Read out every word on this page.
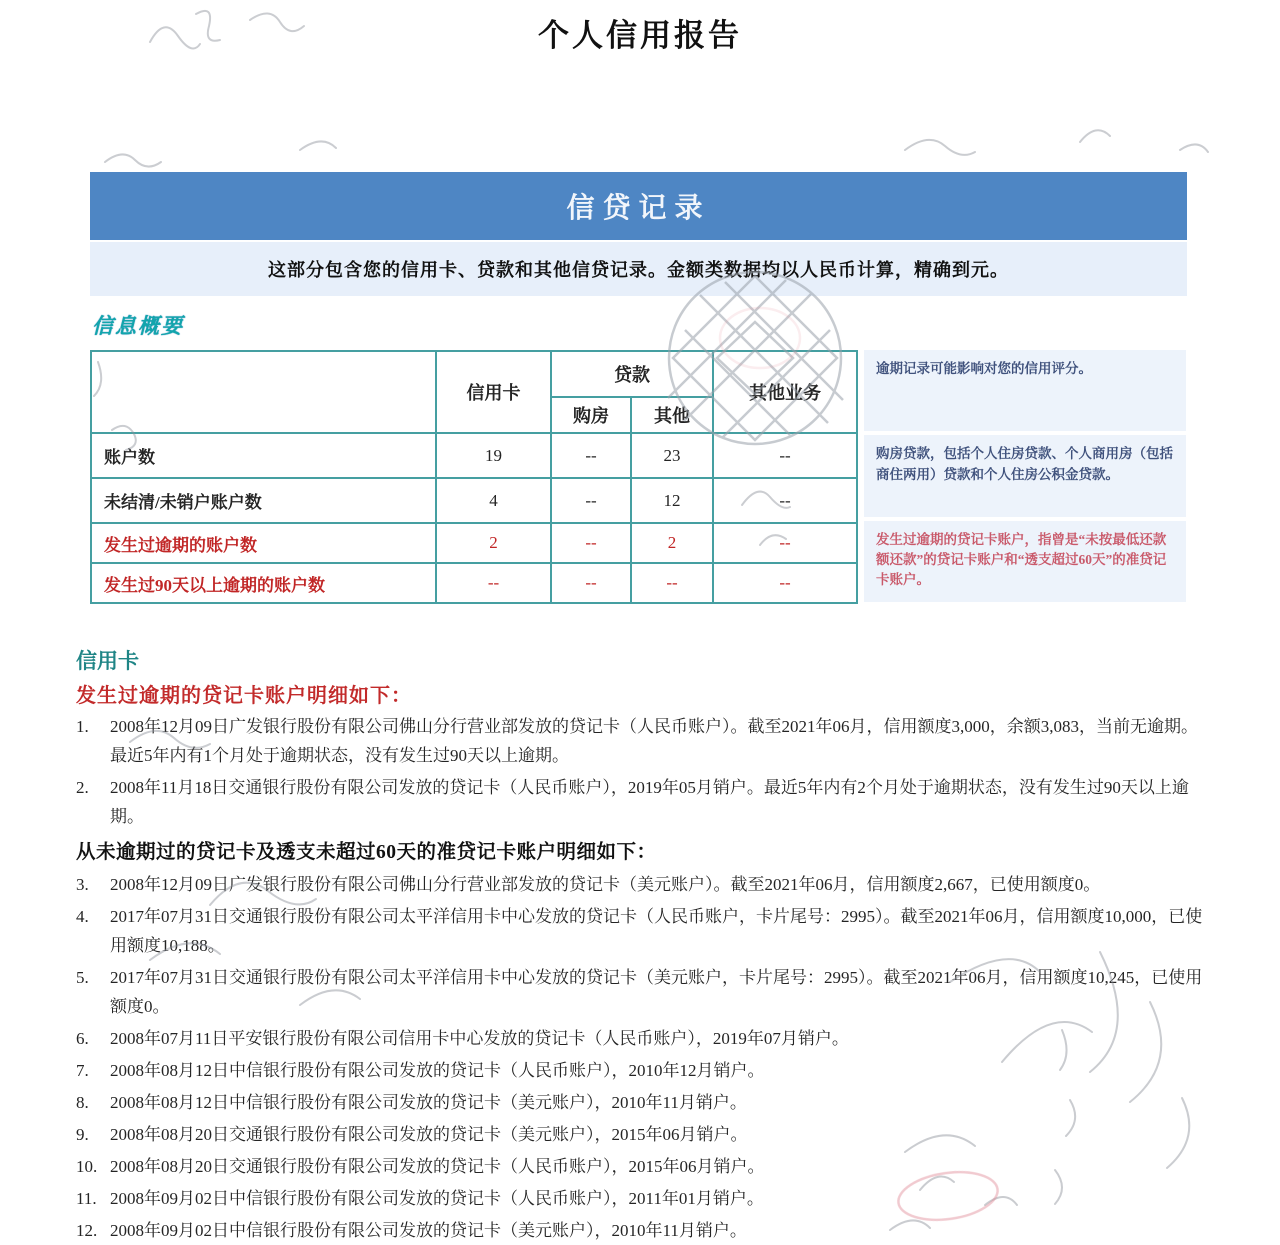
个人信用报告
信贷记录
这部分包含您的信用卡、贷款和其他信贷记录。金额类数据均以人民币计算，精确到元。
信息概要
	信用卡	贷款		其他业务
		购房	其他	
账户数	19	--	23	--
未结清/未销户账户数	4	--	12	--
发生过逾期的账户数	2	--	2	--
发生过90天以上逾期的账户数	--	--	--	--
逾期记录可能影响对您的信用评分。
购房贷款，包括个人住房贷款、个人商用房（包括商住两用）贷款和个人住房公积金贷款。
发生过逾期的贷记卡账户，指曾是“未按最低还款额还款”的贷记卡账户和“透支超过60天”的准贷记卡账户。
信用卡
发生过逾期的贷记卡账户明细如下：
1.	2008年12月09日广发银行股份有限公司佛山分行营业部发放的贷记卡（人民币账户）。截至2021年06月，信用额度3,000，余额3,083，当前无逾期。最近5年内有1个月处于逾期状态，没有发生过90天以上逾期。
2.	2008年11月18日交通银行股份有限公司发放的贷记卡（人民币账户），2019年05月销户。最近5年内有2个月处于逾期状态，没有发生过90天以上逾期。
从未逾期过的贷记卡及透支未超过60天的准贷记卡账户明细如下：
3.	2008年12月09日广发银行股份有限公司佛山分行营业部发放的贷记卡（美元账户）。截至2021年06月，信用额度2,667，已使用额度0。
4.	2017年07月31日交通银行股份有限公司太平洋信用卡中心发放的贷记卡（人民币账户，卡片尾号：2995）。截至2021年06月，信用额度10,000，已使用额度10,188。
5.	2017年07月31日交通银行股份有限公司太平洋信用卡中心发放的贷记卡（美元账户，卡片尾号：2995）。截至2021年06月，信用额度10,245，已使用额度0。
6.	2008年07月11日平安银行股份有限公司信用卡中心发放的贷记卡（人民币账户），2019年07月销户。
7.	2008年08月12日中信银行股份有限公司发放的贷记卡（人民币账户），2010年12月销户。
8.	2008年08月12日中信银行股份有限公司发放的贷记卡（美元账户），2010年11月销户。
9.	2008年08月20日交通银行股份有限公司发放的贷记卡（美元账户），2015年06月销户。
10. 2008年08月20日交通银行股份有限公司发放的贷记卡（人民币账户），2015年06月销户。
11. 2008年09月02日中信银行股份有限公司发放的贷记卡（人民币账户），2011年01月销户。
12. 2008年09月02日中信银行股份有限公司发放的贷记卡（美元账户），2010年11月销户。
